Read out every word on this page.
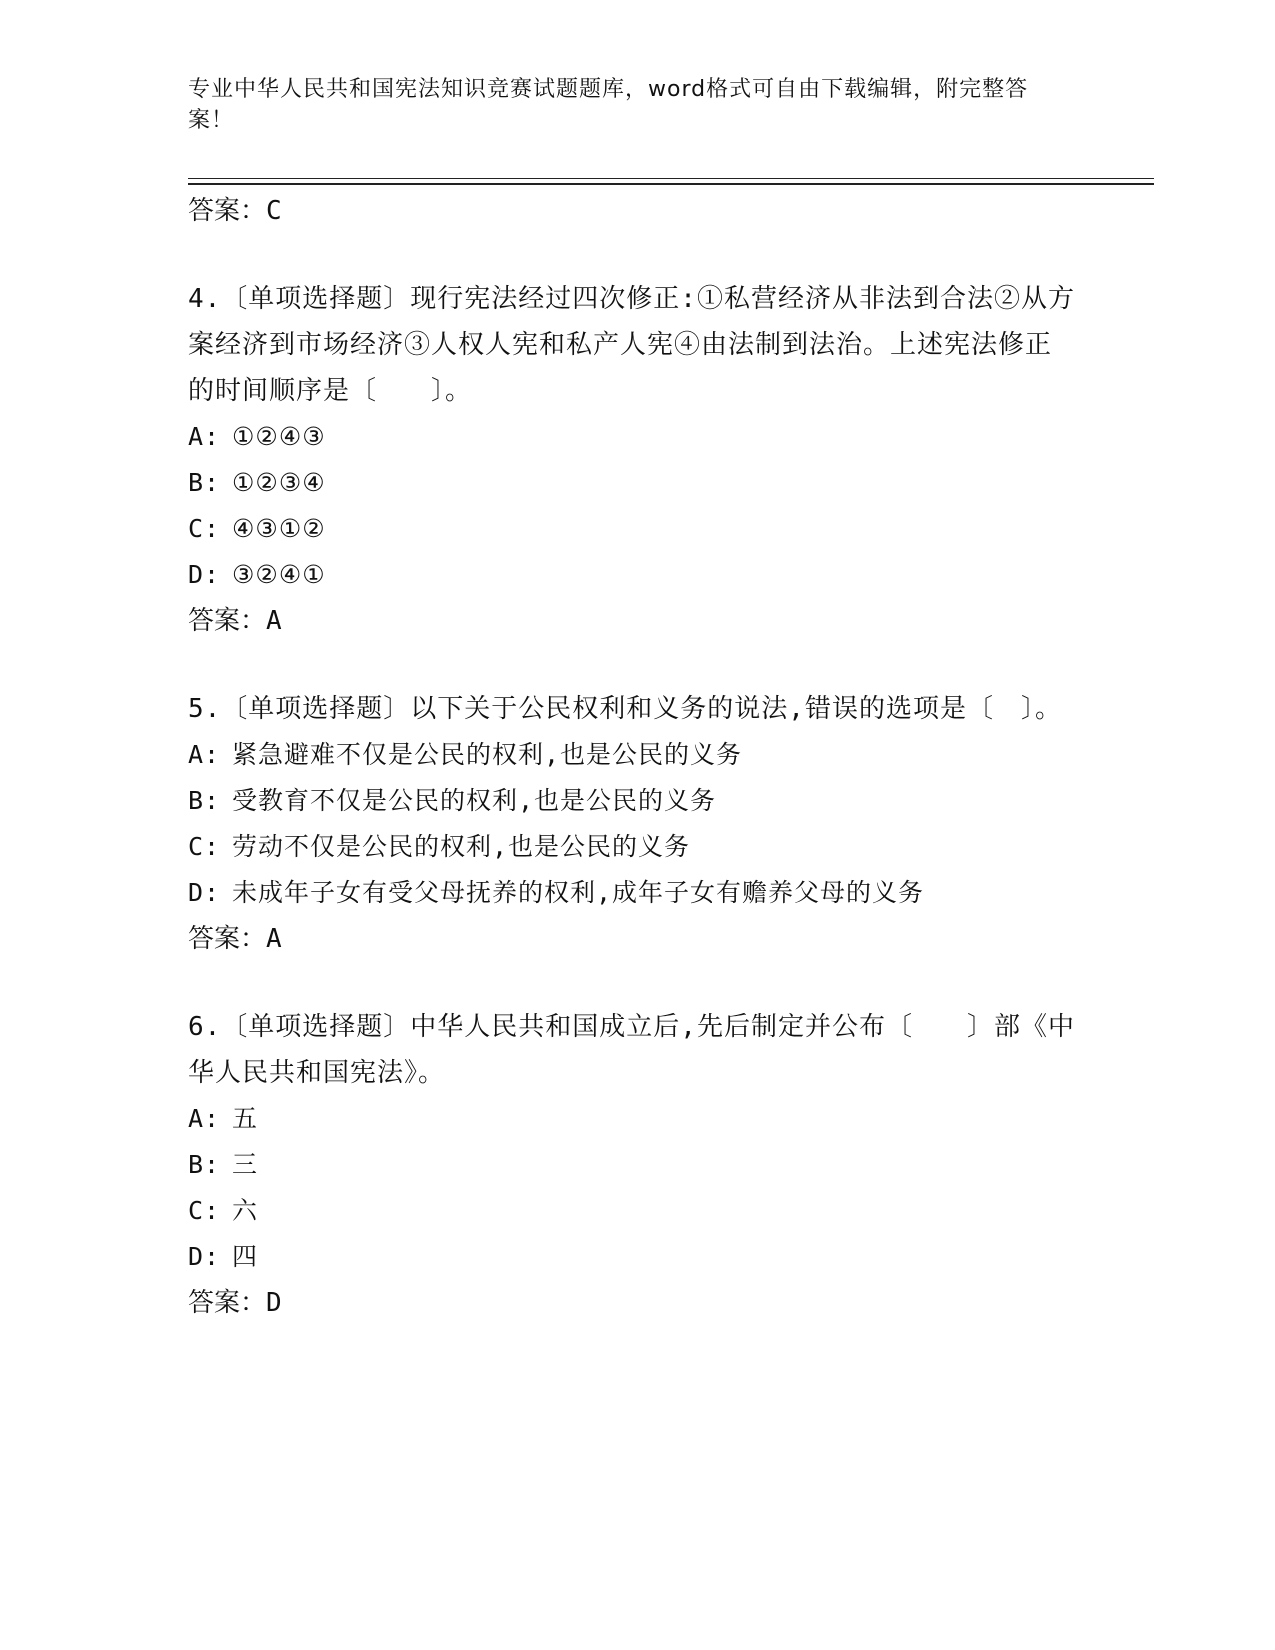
专业中华人民共和国宪法知识竞赛试题题库，word格式可自由下载编辑，附完整答案！

答案：C

4.〔单项选择题〕现行宪法经过四次修正:①私营经济从非法到合法②从方案经济到市场经济③人权人宪和私产人宪④由法制到法治。上述宪法修正的时间顺序是〔　　〕。

A: ①②④③

B: ①②③④

C: ④③①②

D: ③②④①

答案：A

5.〔单项选择题〕以下关于公民权利和义务的说法,错误的选项是〔　〕。

A: 紧急避难不仅是公民的权利,也是公民的义务

B: 受教育不仅是公民的权利,也是公民的义务

C: 劳动不仅是公民的权利,也是公民的义务

D: 未成年子女有受父母抚养的权利,成年子女有赡养父母的义务

答案：A

6.〔单项选择题〕中华人民共和国成立后,先后制定并公布〔　　〕部《中华人民共和国宪法》。

A: 五

B: 三

C: 六

D: 四

答案：D
